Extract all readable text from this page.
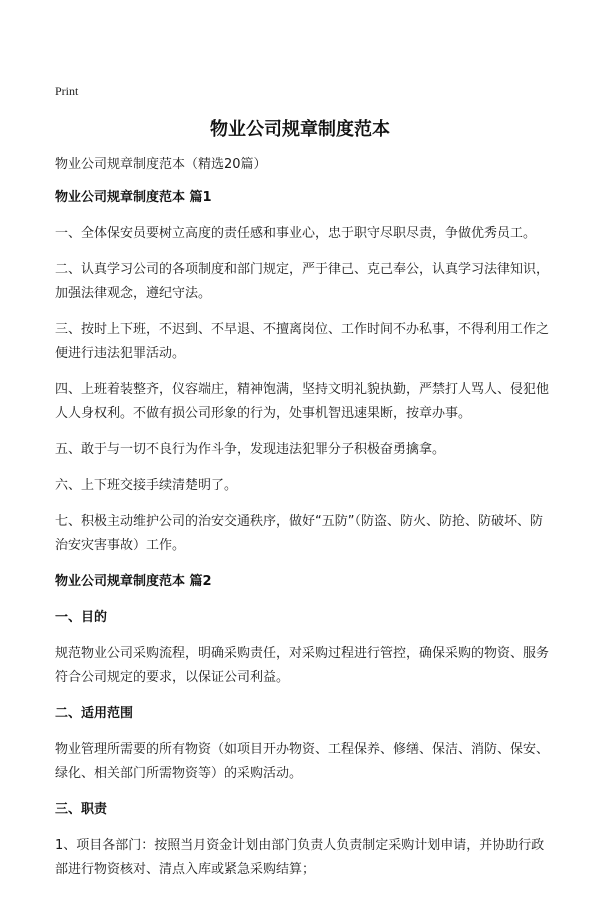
Print
物业公司规章制度范本
物业公司规章制度范本（精选20篇）
物业公司规章制度范本 篇1
一、全体保安员要树立高度的责任感和事业心，忠于职守尽职尽责，争做优秀员工。
二、认真学习公司的各项制度和部门规定，严于律己、克己奉公，认真学习法律知识，加强法律观念，遵纪守法。
三、按时上下班，不迟到、不早退、不擅离岗位、工作时间不办私事，不得利用工作之便进行违法犯罪活动。
四、上班着装整齐，仪容端庄，精神饱满，坚持文明礼貌执勤，严禁打人骂人、侵犯他人人身权利。不做有损公司形象的行为，处事机智迅速果断，按章办事。
五、敢于与一切不良行为作斗争，发现违法犯罪分子积极奋勇擒拿。
六、上下班交接手续清楚明了。
七、积极主动维护公司的治安交通秩序，做好“五防”（防盗、防火、防抢、防破坏、防治安灾害事故）工作。
物业公司规章制度范本 篇2
一、目的
规范物业公司采购流程，明确采购责任，对采购过程进行管控，确保采购的物资、服务符合公司规定的要求，以保证公司利益。
二、适用范围
物业管理所需要的所有物资（如项目开办物资、工程保养、修缮、保洁、消防、保安、绿化、相关部门所需物资等）的采购活动。
三、职责
1、项目各部门：按照当月资金计划由部门负责人负责制定采购计划申请，并协助行政部进行物资核对、清点入库或紧急采购结算；
